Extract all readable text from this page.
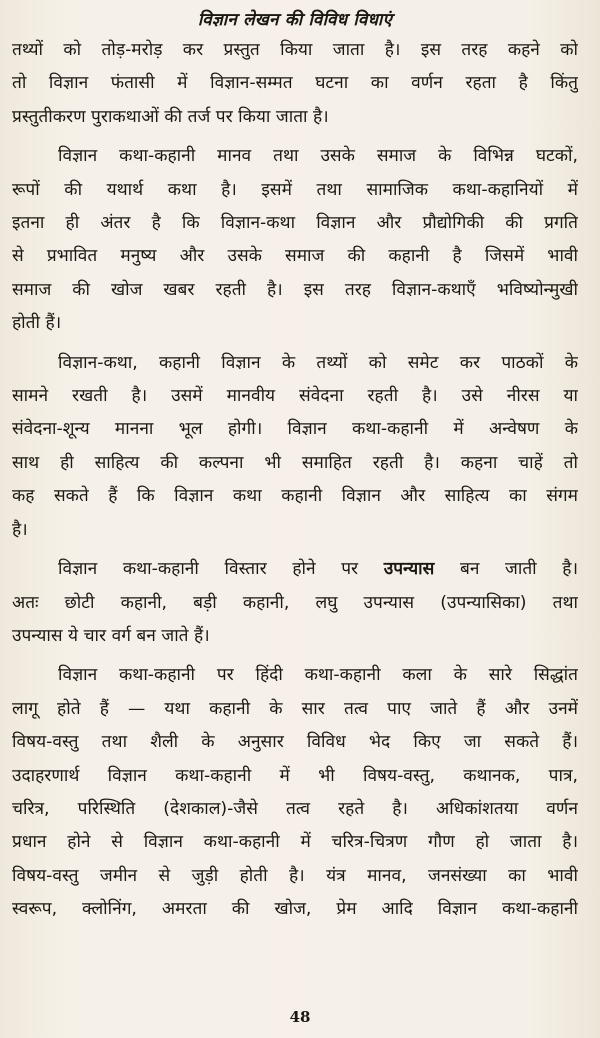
विज्ञान लेखन की विविध विधाएं

तथ्यों को तोड़-मरोड़ कर प्रस्तुत किया जाता है। इस तरह कहने को
तो विज्ञान फंतासी में विज्ञान-सम्मत घटना का वर्णन रहता है किंतु
प्रस्तुतीकरण पुराकथाओं की तर्ज पर किया जाता है।

विज्ञान कथा-कहानी मानव तथा उसके समाज के विभिन्न घटकों,
रूपों की यथार्थ कथा है। इसमें तथा सामाजिक कथा-कहानियों में
इतना ही अंतर है कि विज्ञान-कथा विज्ञान और प्रौद्योगिकी की प्रगति
से प्रभावित मनुष्य और उसके समाज की कहानी है जिसमें भावी
समाज की खोज खबर रहती है। इस तरह विज्ञान-कथाएँ भविष्योन्मुखी
होती हैं।

विज्ञान-कथा, कहानी विज्ञान के तथ्यों को समेट कर पाठकों के
सामने रखती है। उसमें मानवीय संवेदना रहती है। उसे नीरस या
संवेदना-शून्य मानना भूल होगी। विज्ञान कथा-कहानी में अन्वेषण के
साथ ही साहित्य की कल्पना भी समाहित रहती है। कहना चाहें तो
कह सकते हैं कि विज्ञान कथा कहानी विज्ञान और साहित्य का संगम
है।

विज्ञान कथा-कहानी विस्तार होने पर उपन्यास बन जाती है।
अतः छोटी कहानी, बड़ी कहानी, लघु उपन्यास (उपन्यासिका) तथा
उपन्यास ये चार वर्ग बन जाते हैं।

विज्ञान कथा-कहानी पर हिंदी कथा-कहानी कला के सारे सिद्धांत
लागू होते हैं — यथा कहानी के सार तत्व पाए जाते हैं और उनमें
विषय-वस्तु तथा शैली के अनुसार विविध भेद किए जा सकते हैं।
उदाहरणार्थ विज्ञान कथा-कहानी में भी विषय-वस्तु, कथानक, पात्र,
चरित्र, परिस्थिति (देशकाल)-जैसे तत्व रहते है। अधिकांशतया वर्णन
प्रधान होने से विज्ञान कथा-कहानी में चरित्र-चित्रण गौण हो जाता है।
विषय-वस्तु जमीन से जुड़ी होती है। यंत्र मानव, जनसंख्या का भावी
स्वरूप, क्लोनिंग, अमरता की खोज, प्रेम आदि विज्ञान कथा-कहानी

48
